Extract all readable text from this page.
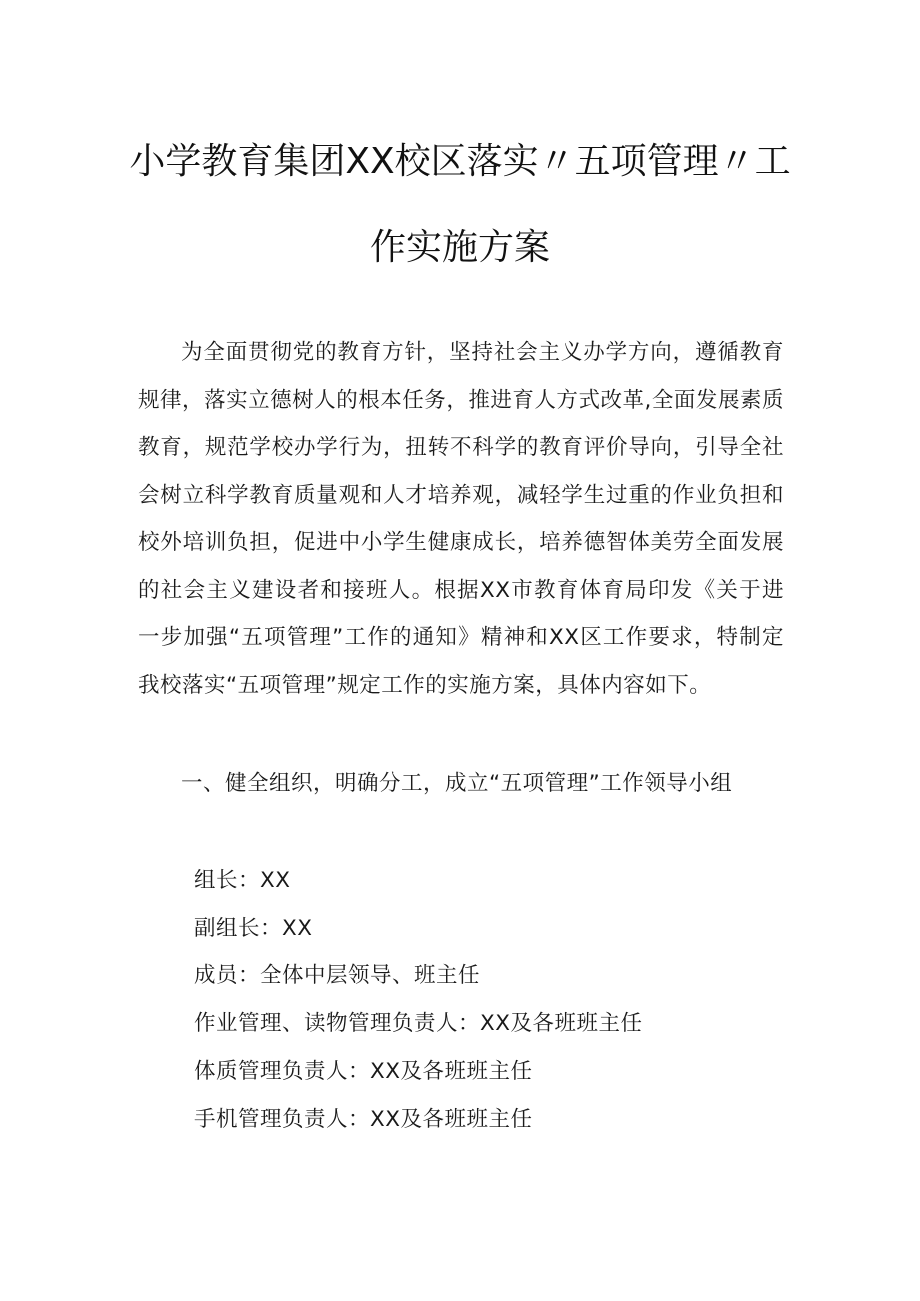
小学教育集团XX校区落实〃五项管理〃工
作实施方案

为全面贯彻党的教育方针，坚持社会主义办学方向，遵循教育规律，落实立德树人的根本任务，推进育人方式改革,全面发展素质教育，规范学校办学行为，扭转不科学的教育评价导向，引导全社会树立科学教育质量观和人才培养观，减轻学生过重的作业负担和校外培训负担，促进中小学生健康成长，培养德智体美劳全面发展的社会主义建设者和接班人。根据XX市教育体育局印发《关于进一步加强“五项管理”工作的通知》精神和XX区工作要求，特制定我校落实“五项管理”规定工作的实施方案，具体内容如下。

一、健全组织，明确分工，成立“五项管理”工作领导小组

组长：XX

副组长：XX

成员：全体中层领导、班主任

作业管理、读物管理负责人：XX及各班班主任

体质管理负责人：XX及各班班主任

手机管理负责人：XX及各班班主任
